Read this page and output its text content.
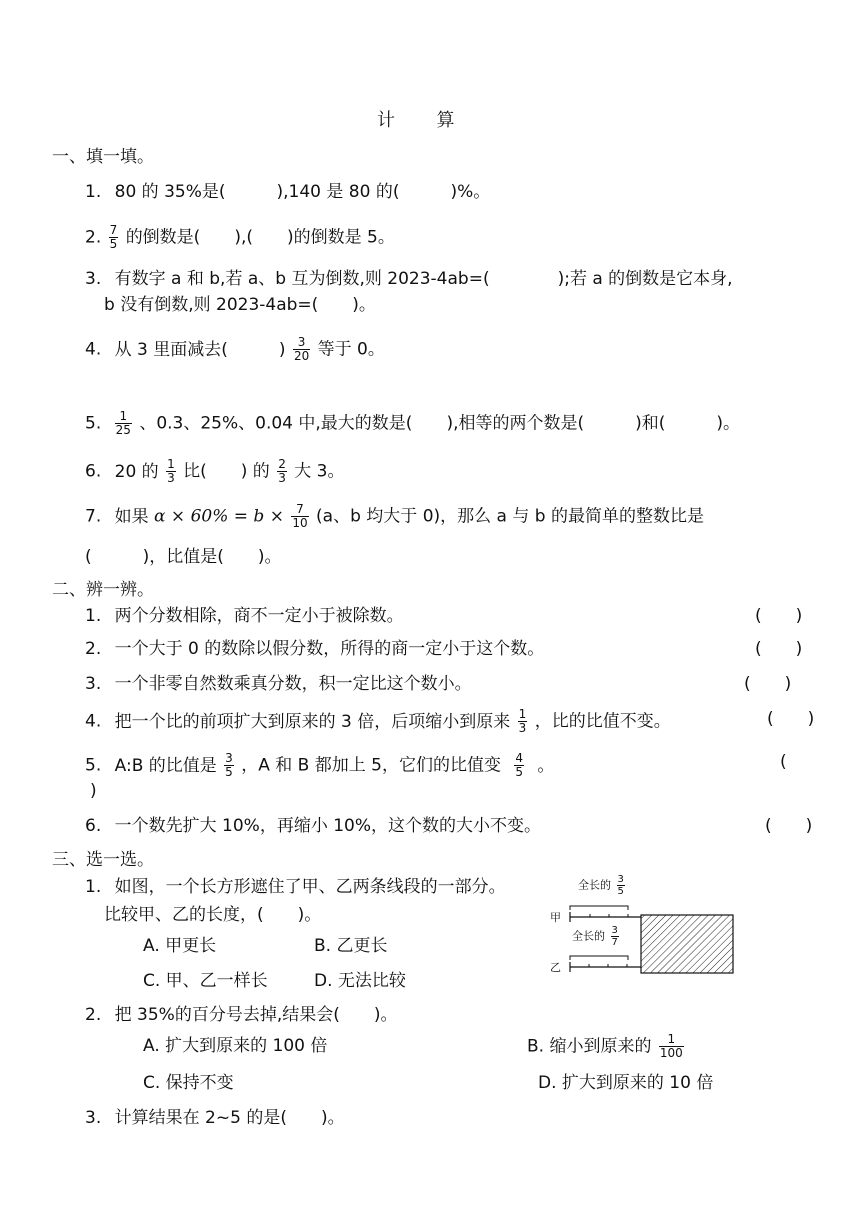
计 算
一、填一填。
1. 80 的 35%是(　　　),140 是 80 的(　　　)%。
2. $\frac{7}{5}$ 的倒数是(　　),(　　)的倒数是 5。
3. 有数字 a 和 b,若 a、b 互为倒数,则 2023-4ab=(　　　　);若 a 的倒数是它本身,
b 没有倒数,则 2023-4ab=(　　)。
4. 从 3 里面减去(　　　) $\frac{3}{20}$ 等于 0。
5. $\frac{1}{25}$ 、0.3、25%、0.04 中,最大的数是(　　),相等的两个数是(　　　)和(　　　)。
6. 20 的 $\frac{1}{3}$ 比(　　) 的 $\frac{2}{3}$ 大 3。
7. 如果 $\alpha \times 60\% = b \times \frac{7}{10} (a$、b 均大于 0)，那么 a 与 b 的最简单的整数比是
(　　　)，比值是(　　)。
二、辨一辨。
1. 两个分数相除，商不一定小于被除数。	(　　)
2. 一个大于 0 的数除以假分数，所得的商一定小于这个数。	(　　)
3. 一个非零自然数乘真分数，积一定比这个数小。	(　　)
4. 把一个比的前项扩大到原来的 3 倍，后项缩小到原来 $\frac{1}{3}$ ，比的比值不变。	(　　)
5. A:B 的比值是 $\frac{3}{5}$ ，A 和 B 都加上 5，它们的比值变 $\frac{4}{5}$ 。	(
)
6. 一个数先扩大 10%，再缩小 10%，这个数的大小不变。	(　　)
三、选一选。
1. 如图，一个长方形遮住了甲、乙两条线段的一部分。
比较甲、乙的长度，(　　)。
A. 甲更长	B. 乙更长
C. 甲、乙一样长	D. 无法比较
甲
乙
全长的 $\frac{3}{5}$
全长的 $\frac{3}{7}$
2. 把 35%的百分号去掉,结果会(　　)。
A. 扩大到原来的 100 倍	B. 缩小到原来的 $\frac{1}{100}$
C. 保持不变	D. 扩大到原来的 10 倍
3. 计算结果在 2~5 的是(　　)。
